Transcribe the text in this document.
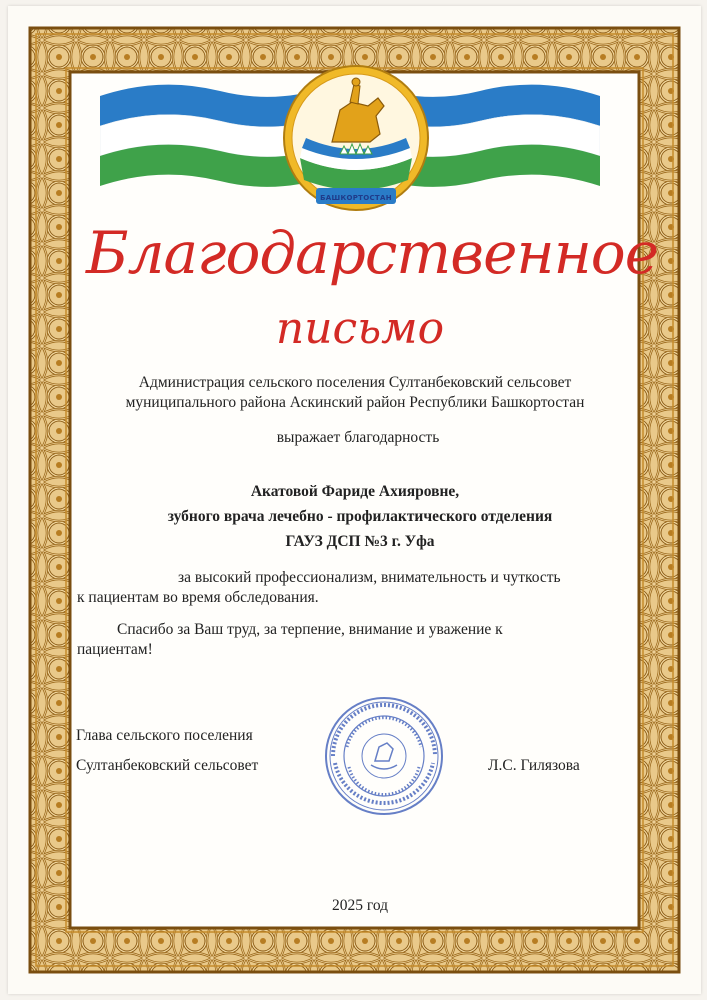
БАШКОРТОСТАН
Благодарственное
письмо
Администрация сельского поселения Султанбековский сельсовет
муниципального района Аскинский район Республики Башкортостан
выражает благодарность
Акатовой Фариде Ахияровне,
зубного врача лечебно - профилактического отделения
ГАУЗ ДСП №3 г. Уфа
за высокий профессионализм, внимательность и чуткость
к пациентам во время обследования.
Спасибо за Ваш труд, за терпение, внимание и уважение к
пациентам!
Глава сельского поселения
Султанбековский сельсовет	Л.С. Гилязова
2025 год
